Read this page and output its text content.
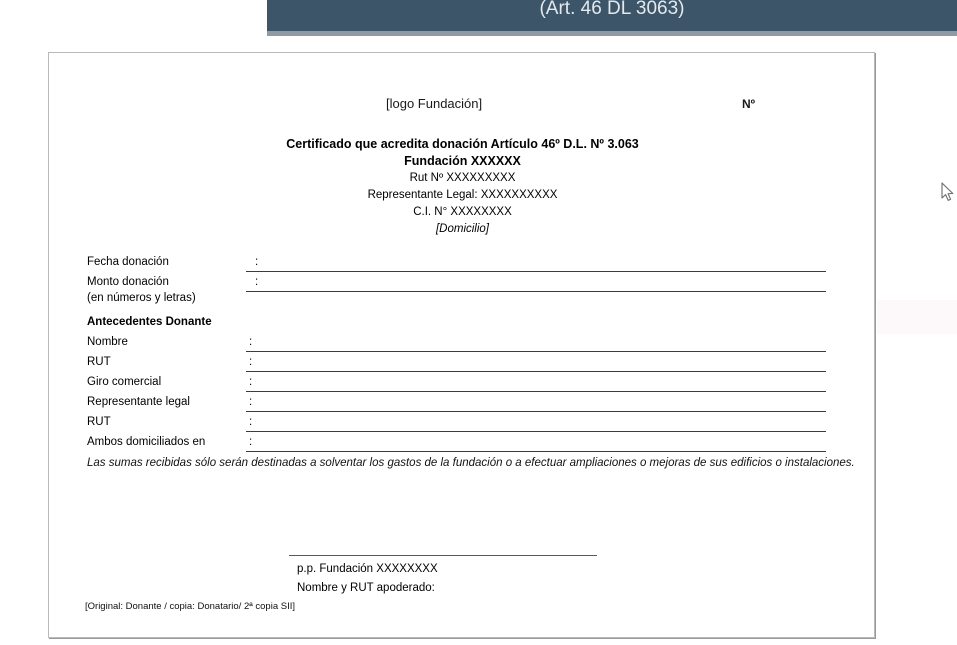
(Art. 46 DL 3063)
[logo Fundación]	Nº
Certificado que acredita donación Artículo 46º D.L. Nº 3.063
Fundación XXXXXX
Rut Nº XXXXXXXXX
Representante Legal: XXXXXXXXXX
C.I. N° XXXXXXXX
[Domicilio]
Fecha donación	:
Monto donación	:
(en números y letras)
Antecedentes Donante
Nombre	:
RUT	:
Giro comercial	:
Representante legal	:
RUT	:
Ambos domiciliados en	:
Las sumas recibidas sólo serán destinadas a solventar los gastos de la fundación o a efectuar ampliaciones o mejoras de sus edificios o instalaciones.
p.p. Fundación XXXXXXXX
Nombre y RUT apoderado:
[Original: Donante / copia: Donatario/ 2ª copia SII]
